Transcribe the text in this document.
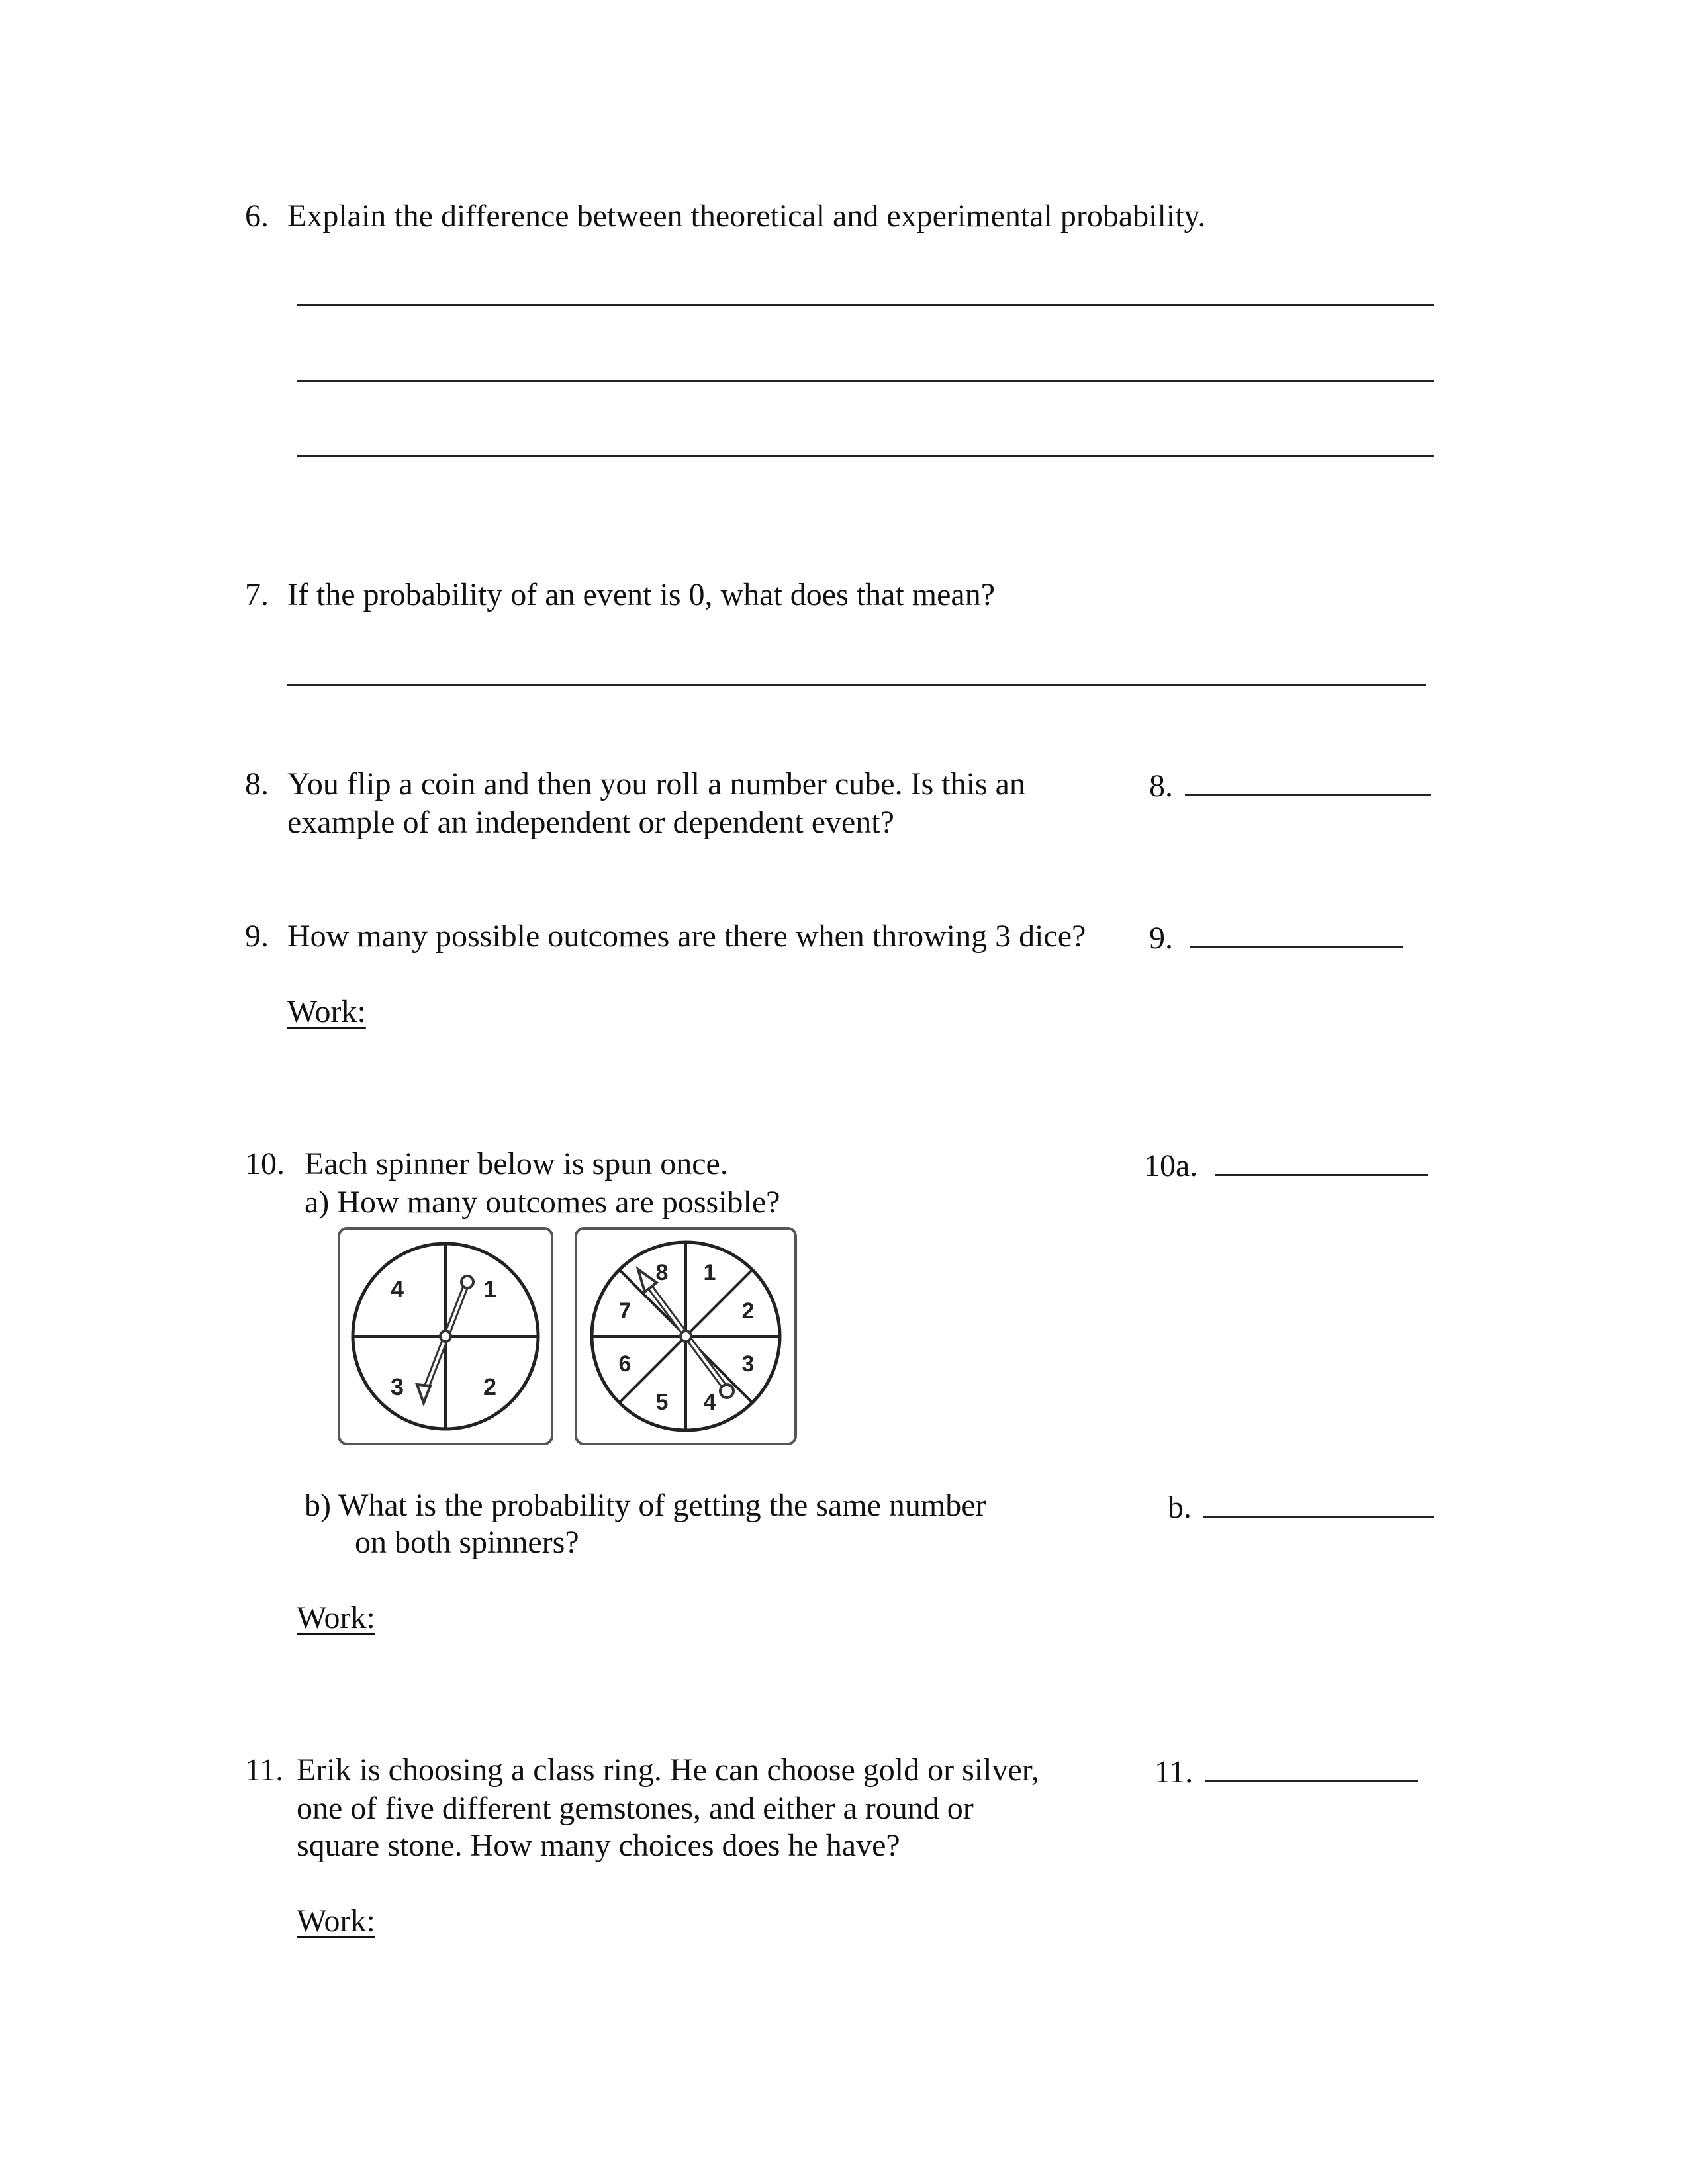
6. Explain the difference between theoretical and experimental probability.
7. If the probability of an event is 0, what does that mean?
8. You flip a coin and then you roll a number cube. Is this an
example of an independent or dependent event?
8.
9. How many possible outcomes are there when throwing 3 dice? 9.
Work:
10. Each spinner below is spun once.	10a.
a) How many outcomes are possible?
1
2
3
4
1
2
3
4
5
6
7
8
b) What is the probability of getting the same number
on both spinners?
b.
Work:
11. Erik is choosing a class ring. He can choose gold or silver,
one of five different gemstones, and either a round or
square stone. How many choices does he have?
11.
Work:
